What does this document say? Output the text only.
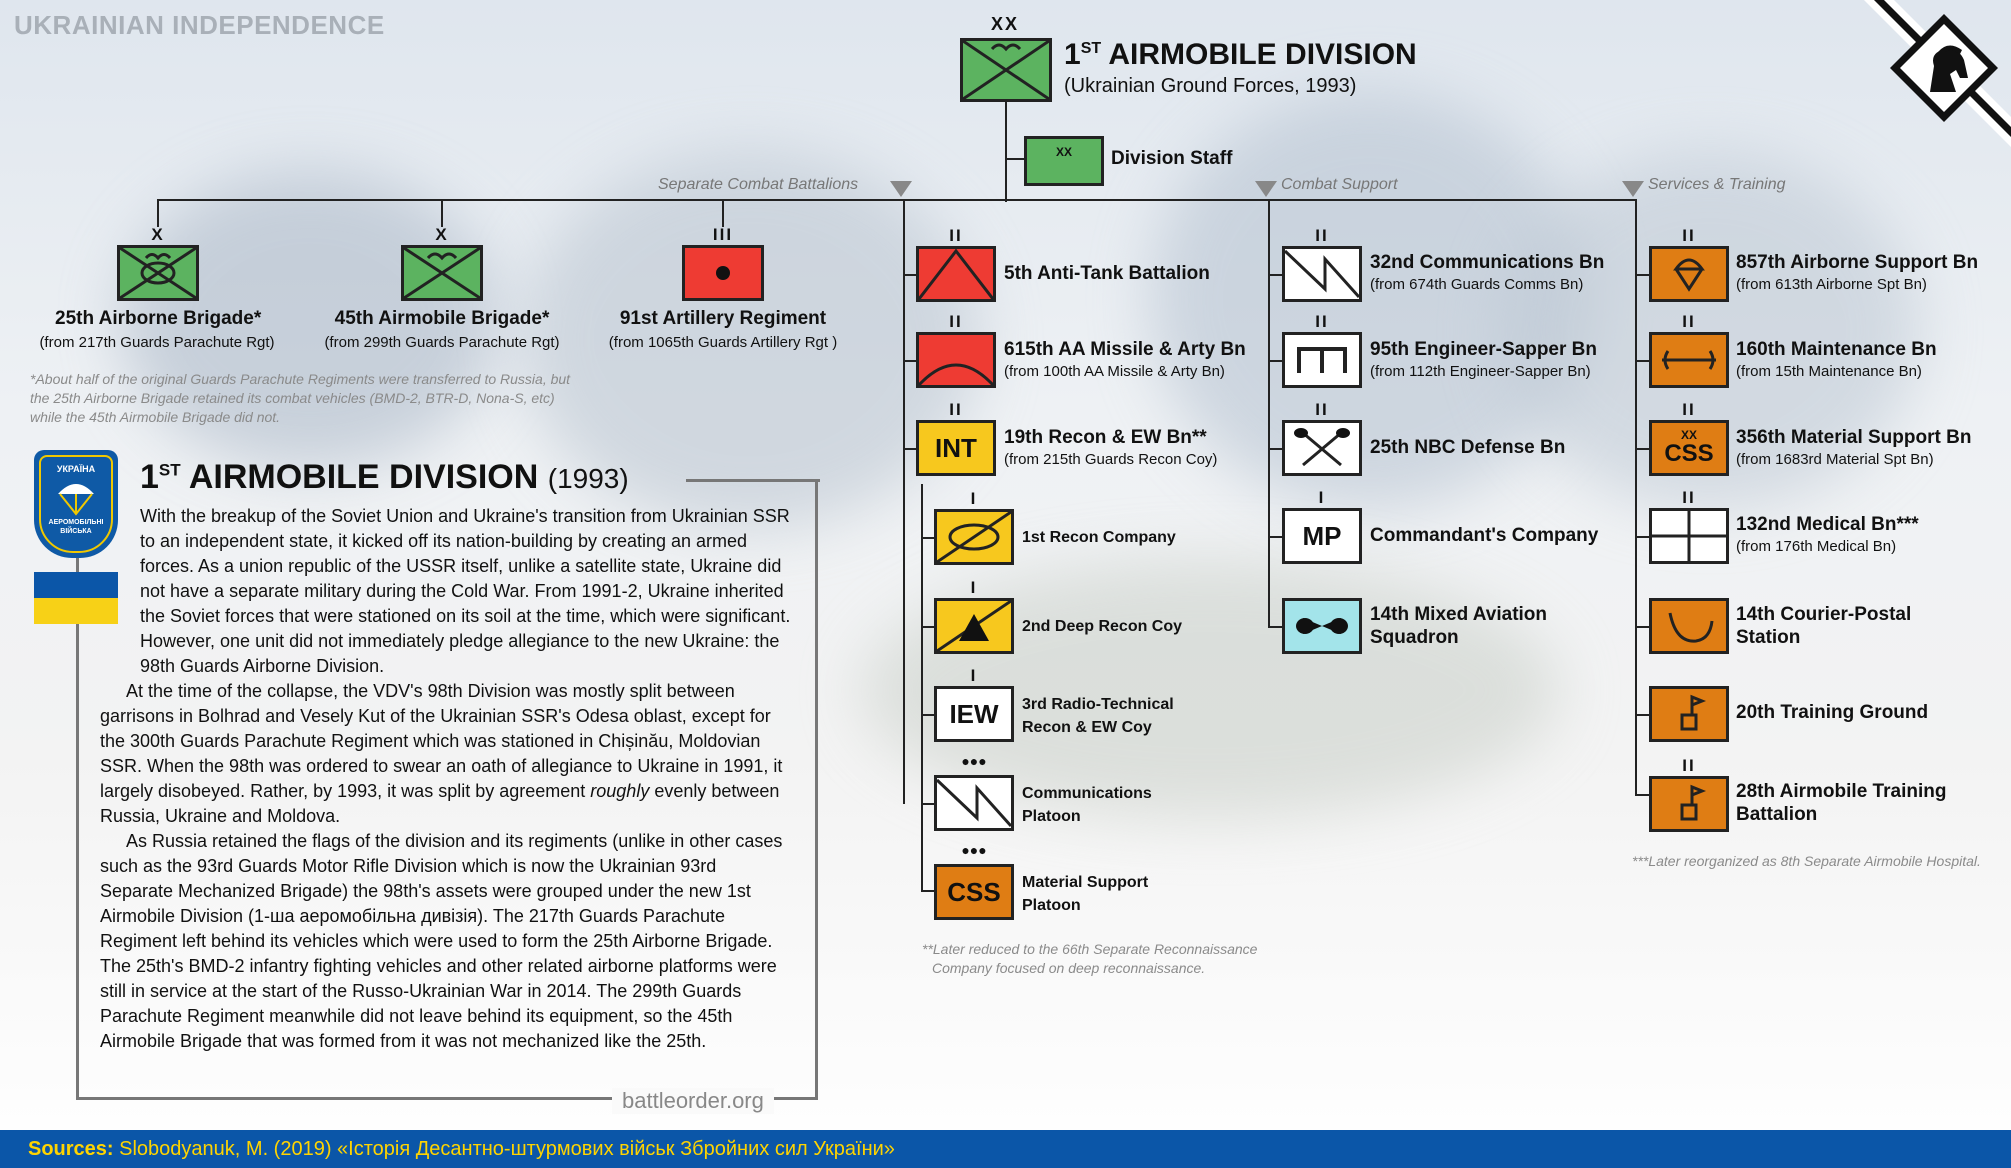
UKRAINIAN INDEPENDENCE	XX
1ST AIRMOBILE DIVISION
(Ukrainian Ground Forces, 1993)
XX	Division Staff
Separate Combat Battalions	Combat Support	Services & Training
X
25th Airborne Brigade*
(from 217th Guards Parachute Rgt)
X
45th Airmobile Brigade*
(from 299th Guards Parachute Rgt)
III
91st Artillery Regiment
(from 1065th Guards Artillery Rgt )
*About half of the original Guards Parachute Regiments were transferred to Russia, but the 25th Airborne Brigade retained its combat vehicles (BMD-2, BTR-D, Nona-S, etc) while the 45th Airmobile Brigade did not.
II
5th Anti-Tank Battalion
II
615th AA Missile & Arty Bn
(from 100th AA Missile & Arty Bn)
II
INT 19th Recon & EW Bn**
(from 215th Guards Recon Coy)
I
1st Recon Company
I
2nd Deep Recon Coy
I
IEW 3rd Radio-Technical Recon & EW Coy
●●●
Communications Platoon
●●●
CSS Material Support Platoon
**Later reduced to the 66th Separate Reconnaissance Company focused on deep reconnaissance.
II
32nd Communications Bn
(from 674th Guards Comms Bn)
II
95th Engineer-Sapper Bn
(from 112th Engineer-Sapper Bn)
II
25th NBC Defense Bn
I
MP Commandant's Company
14th Mixed Aviation Squadron
II
857th Airborne Support Bn
(from 613th Airborne Spt Bn)
II
160th Maintenance Bn
(from 15th Maintenance Bn)
II
XX
CSS
356th Material Support Bn
(from 1683rd Material Spt Bn)
II
132nd Medical Bn***
(from 176th Medical Bn)
14th Courier-Postal Station
20th Training Ground
II
28th Airmobile Training Battalion
***Later reorganized as 8th Separate Airmobile Hospital.
УКРАЇНА
АЕРОМОБІЛЬНІ ВІЙСЬКА
1ST AIRMOBILE DIVISION (1993)

With the breakup of the Soviet Union and Ukraine's transition from Ukrainian SSR to an independent state, it kicked off its nation-building by creating an armed forces. As a union republic of the USSR itself, unlike a satellite state, Ukraine did not have a separate military during the Cold War. From 1991-2, Ukraine inherited the Soviet forces that were stationed on its soil at the time, which were significant. However, one unit did not immediately pledge allegiance to the new Ukraine: the 98th Guards Airborne Division.

At the time of the collapse, the VDV's 98th Division was mostly split between garrisons in Bolhrad and Vesely Kut of the Ukrainian SSR's Odesa oblast, except for the 300th Guards Parachute Regiment which was stationed in Chișinău, Moldovian SSR. When the 98th was ordered to swear an oath of allegiance to Ukraine in 1991, it largely disobeyed. Rather, by 1993, it was split by agreement roughly evenly between Russia, Ukraine and Moldova.

As Russia retained the flags of the division and its regiments (unlike in other cases such as the 93rd Guards Motor Rifle Division which is now the Ukrainian 93rd Separate Mechanized Brigade) the 98th's assets were grouped under the new 1st Airmobile Division (1-ша аеромобільна дивізія). The 217th Guards Parachute Regiment left behind its vehicles which were used to form the 25th Airborne Brigade. The 25th's BMD-2 infantry fighting vehicles and other related airborne platforms were still in service at the start of the Russo-Ukrainian War in 2014. The 299th Guards Parachute Regiment meanwhile did not leave behind its equipment, so the 45th Airmobile Brigade that was formed from it was not mechanized like the 25th.

battleorder.org
Sources: Slobodyanuk, M. (2019) «Історія Десантно-штурмових військ Збройних сил України»
